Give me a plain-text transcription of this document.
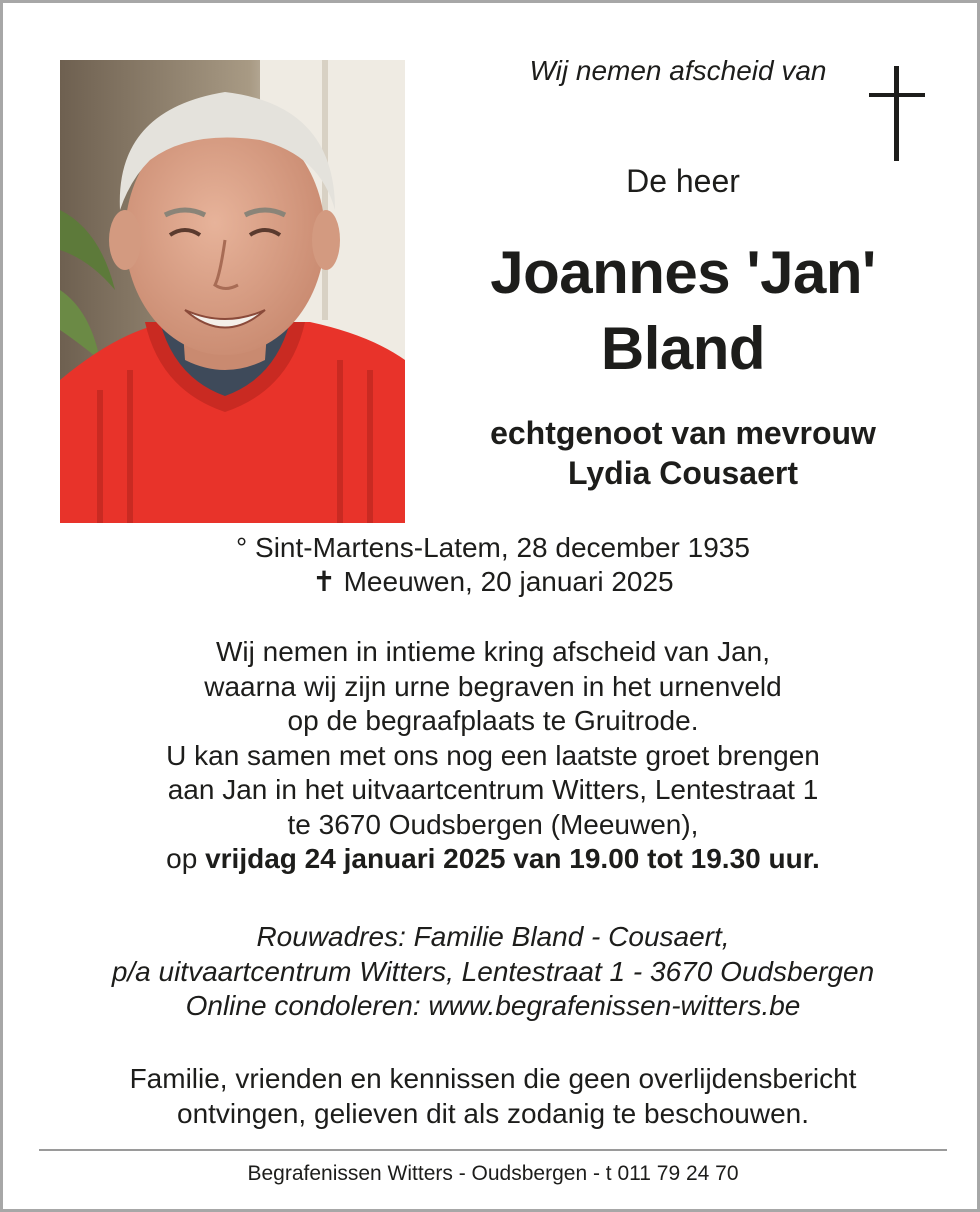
Wij nemen afscheid van
De heer
Joannes 'Jan'
Bland
echtgenoot van mevrouw
Lydia Cousaert
° Sint-Martens-Latem, 28 december 1935
✝ Meeuwen, 20 januari 2025
Wij nemen in intieme kring afscheid van Jan,
waarna wij zijn urne begraven in het urnenveld
op de begraafplaats te Gruitrode.
U kan samen met ons nog een laatste groet brengen
aan Jan in het uitvaartcentrum Witters, Lentestraat 1
te 3670 Oudsbergen (Meeuwen),
op vrijdag 24 januari 2025 van 19.00 tot 19.30 uur.
Rouwadres: Familie Bland - Cousaert,
p/a uitvaartcentrum Witters, Lentestraat 1 - 3670 Oudsbergen
Online condoleren: www.begrafenissen-witters.be
Familie, vrienden en kennissen die geen overlijdensbericht
ontvingen, gelieven dit als zodanig te beschouwen.
Begrafenissen Witters - Oudsbergen - t 011 79 24 70
